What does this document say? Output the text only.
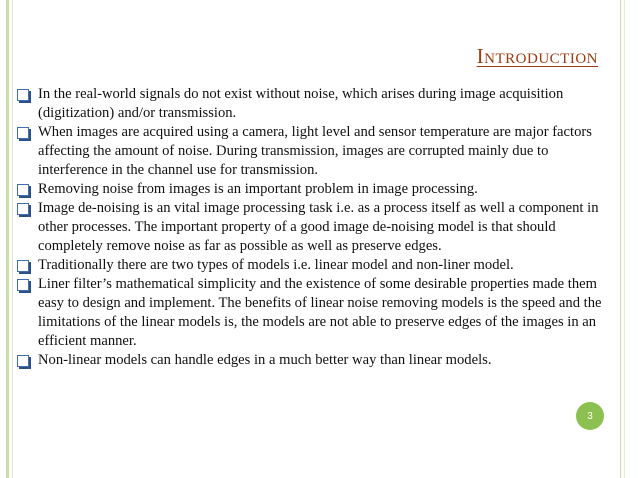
Introduction

In the real-world signals do not exist without noise, which arises during image acquisition (digitization) and/or transmission.

When images are acquired using a camera, light level and sensor temperature are major factors affecting the amount of noise. During transmission, images are corrupted mainly due to interference in the channel use for transmission.

Removing noise from images is an important problem in image processing.

Image de-noising is an vital image processing task i.e. as a process itself as well a component in other processes. The important property of a good image de-noising model is that should completely remove noise as far as possible as well as preserve edges.

Traditionally there are two types of models i.e. linear model and non-liner model.

Liner filter’s mathematical simplicity and the existence of some desirable properties made them easy to design and implement. The benefits of linear noise removing models is the speed and the limitations of the linear models is, the models are not able to preserve edges of the images in an efficient manner.

Non-linear models can handle edges in a much better way than linear models.

3
